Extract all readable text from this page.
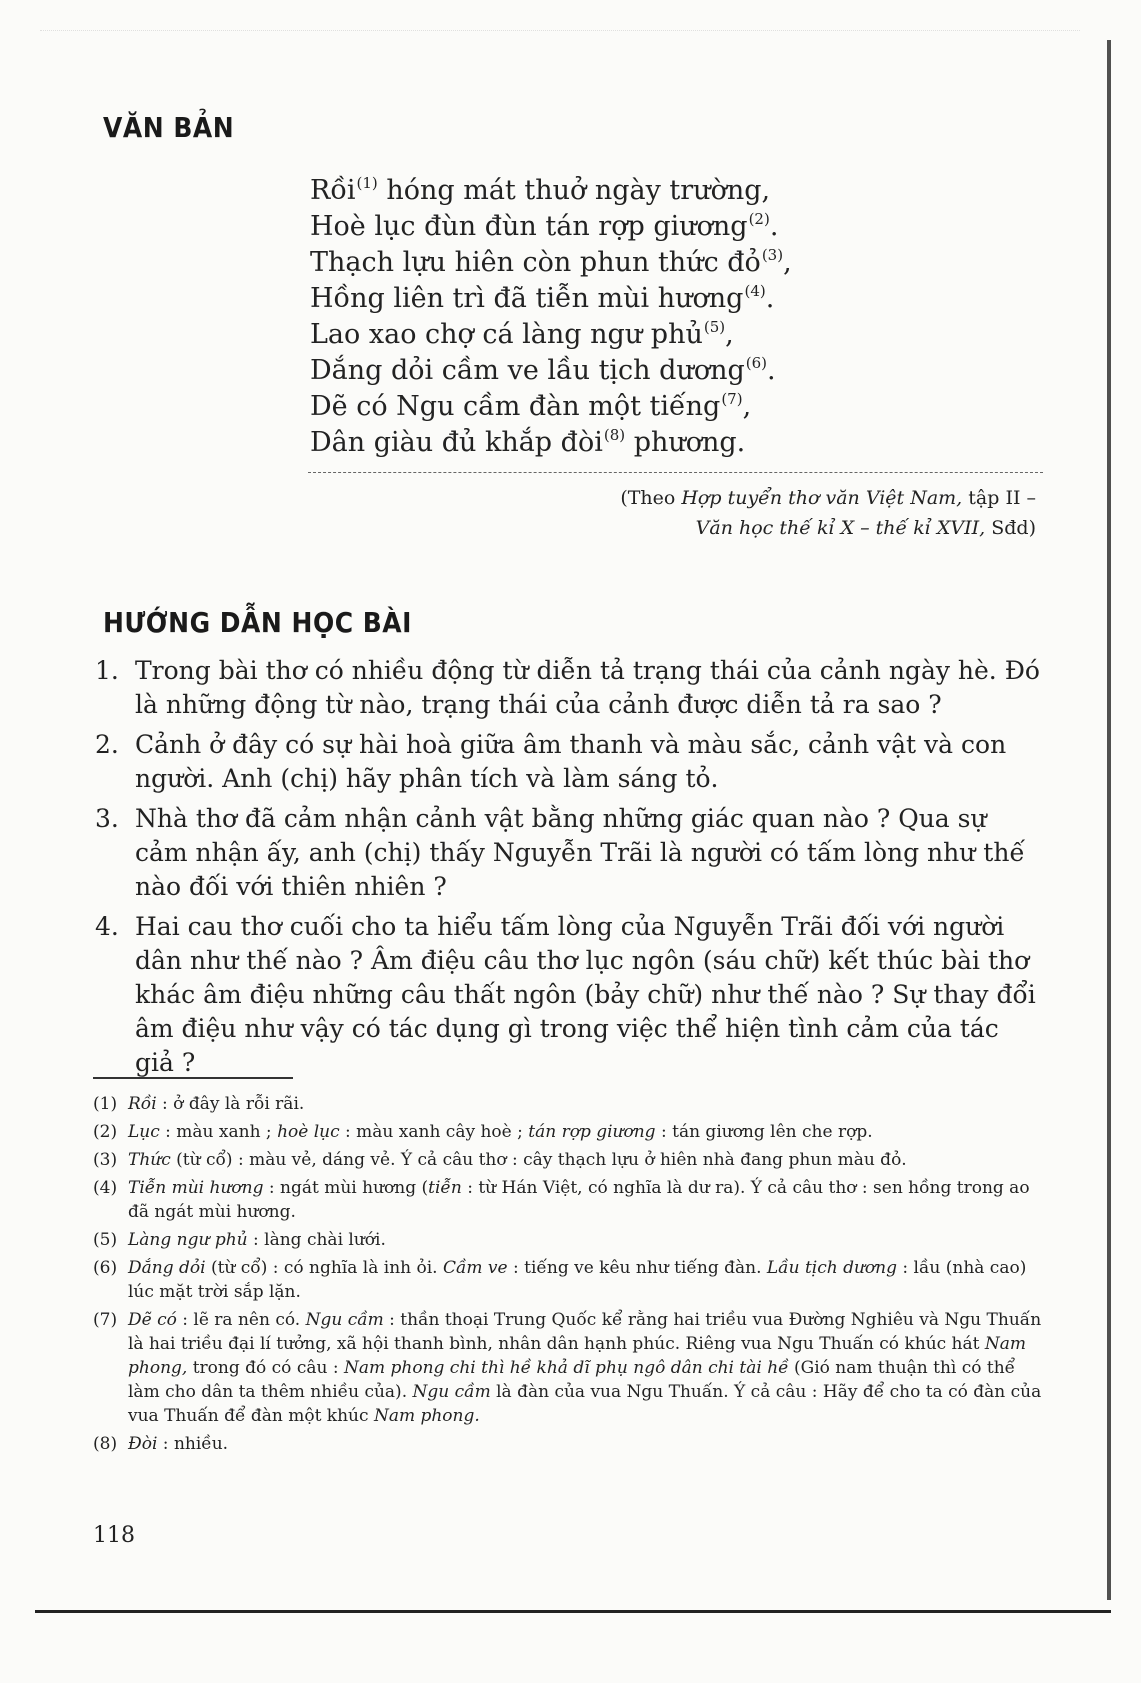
VĂN BẢN
Rồi$^{(1)}$ hóng mát thuở ngày trường,
Hoè lục đùn đùn tán rợp giương$^{(2)}$.
Thạch lựu hiên còn phun thức đỏ$^{(3)}$,
Hồng liên trì đã tiễn mùi hương$^{(4)}$.
Lao xao chợ cá làng ngư phủ$^{(5)}$,
Dắng dỏi cầm ve lầu tịch dương$^{(6)}$.
Dẽ có Ngu cầm đàn một tiếng$^{(7)}$,
Dân giàu đủ khắp đòi$^{(8)}$ phương.
(Theo Hợp tuyển thơ văn Việt Nam, tập II –
Văn học thế kỉ X – thế kỉ XVII, Sđd)
HƯỚNG DẪN HỌC BÀI
1. Trong bài thơ có nhiều động từ diễn tả trạng thái của cảnh ngày hè. Đó là những động từ nào, trạng thái của cảnh được diễn tả ra sao ?
2. Cảnh ở đây có sự hài hoà giữa âm thanh và màu sắc, cảnh vật và con người. Anh (chị) hãy phân tích và làm sáng tỏ.
3. Nhà thơ đã cảm nhận cảnh vật bằng những giác quan nào ? Qua sự cảm nhận ấy, anh (chị) thấy Nguyễn Trãi là người có tấm lòng như thế nào đối với thiên nhiên ?
4. Hai cau thơ cuối cho ta hiểu tấm lòng của Nguyễn Trãi đối với người dân như thế nào ? Âm điệu câu thơ lục ngôn (sáu chữ) kết thúc bài thơ khác âm điệu những câu thất ngôn (bảy chữ) như thế nào ? Sự thay đổi âm điệu như vậy có tác dụng gì trong việc thể hiện tình cảm của tác giả ?
(1) Rồi : ở đây là rỗi rãi.
(2) Lục : màu xanh ; hoè lục : màu xanh cây hoè ; tán rợp giương : tán giương lên che rợp.
(3) Thức (từ cổ) : màu vẻ, dáng vẻ. Ý cả câu thơ : cây thạch lựu ở hiên nhà đang phun màu đỏ.
(4) Tiễn mùi hương : ngát mùi hương (tiễn : từ Hán Việt, có nghĩa là dư ra). Ý cả câu thơ : sen hồng trong ao đã ngát mùi hương.
(5) Làng ngư phủ : làng chài lưới.
(6) Dắng dỏi (từ cổ) : có nghĩa là inh ỏi. Cầm ve : tiếng ve kêu như tiếng đàn. Lầu tịch dương : lầu (nhà cao) lúc mặt trời sắp lặn.
(7) Dẽ có : lẽ ra nên có. Ngu cầm : thần thoại Trung Quốc kể rằng hai triều vua Đường Nghiêu và Ngu Thuấn là hai triều đại lí tưởng, xã hội thanh bình, nhân dân hạnh phúc. Riêng vua Ngu Thuấn có khúc hát Nam phong, trong đó có câu : Nam phong chi thì hề khả dĩ phụ ngô dân chi tài hề (Gió nam thuận thì có thể làm cho dân ta thêm nhiều của). Ngu cầm là đàn của vua Ngu Thuấn. Ý cả câu : Hãy để cho ta có đàn của vua Thuấn để đàn một khúc Nam phong.
(8) Đòi : nhiều.
118
